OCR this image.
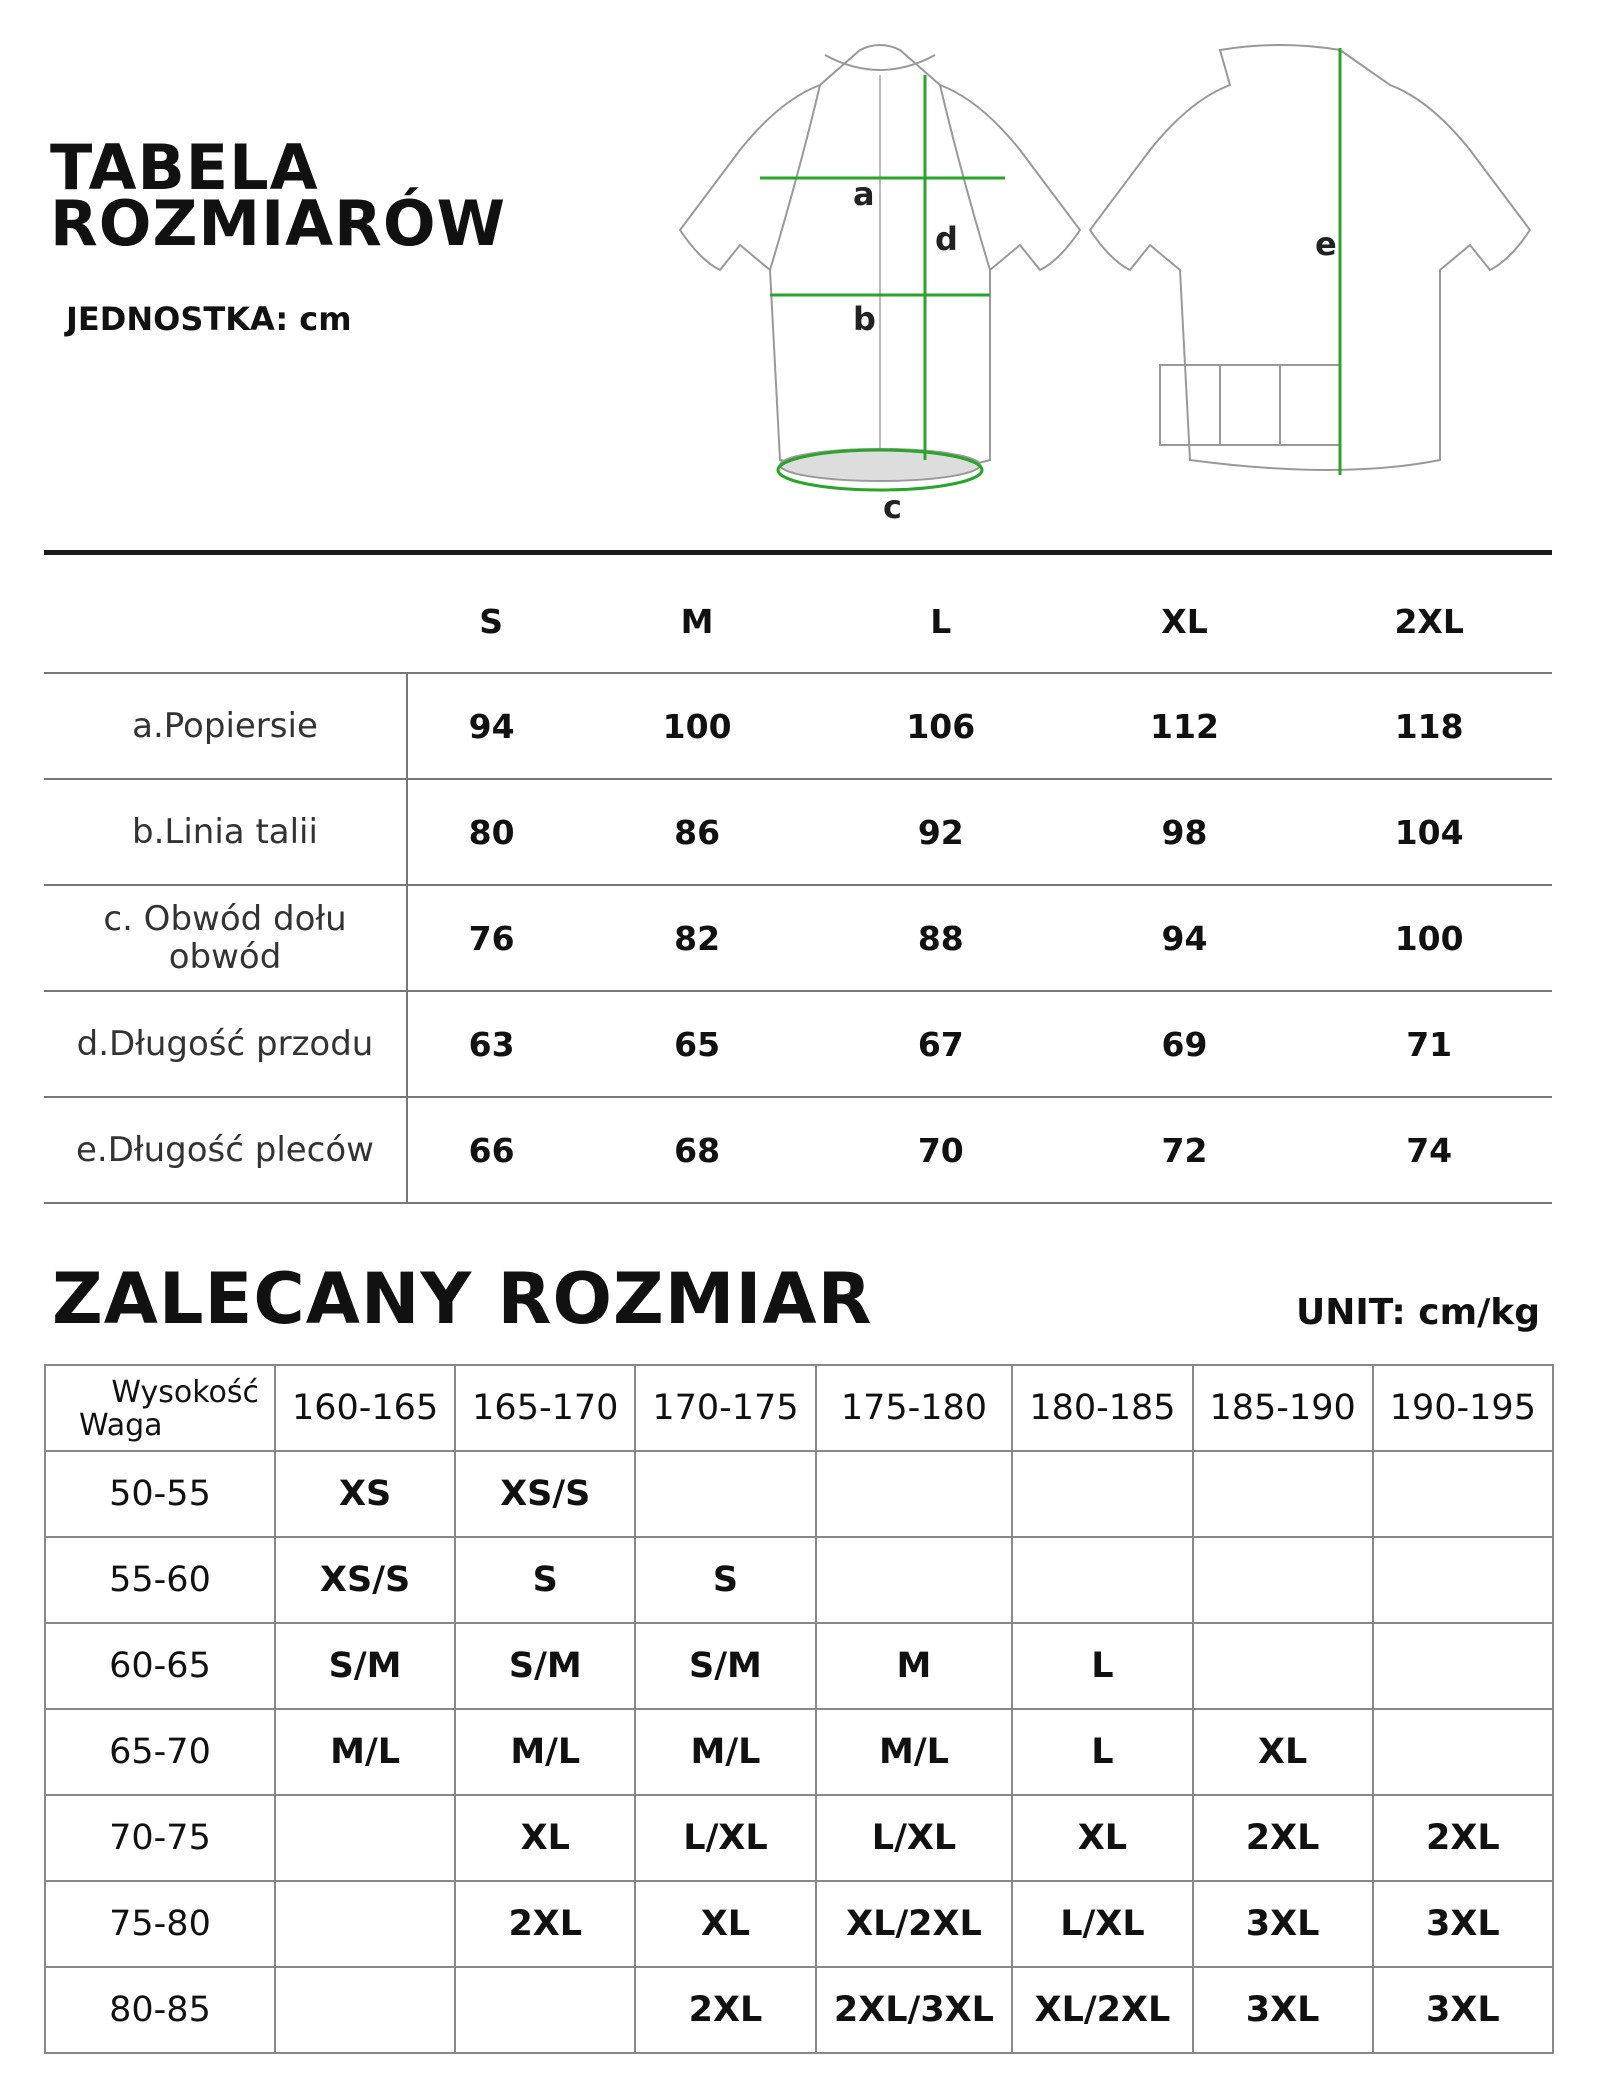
TABELA
ROZMIARÓW
JEDNOSTKA: cm
a
b
c
d	e
	S	M	L	XL	2XL
a.Popiersie	94	100	106	112	118
b.Linia talii	80	86	92	98	104
c. Obwód dołu obwód	76	82	88	94	100
d.Długość przodu	63	65	67	69	71
e.Długość pleców	66	68	70	72	74
ZALECANY ROZMIAR	UNIT: cm/kg
Wysokość
Waga	160-165	165-170	170-175	175-180	180-185	185-190	190-195
50-55	XS	XS/S					
55-60	XS/S	S	S				
60-65	S/M	S/M	S/M	M	L		
65-70	M/L	M/L	M/L	M/L	L	XL	
70-75		XL	L/XL	L/XL	XL	2XL	2XL
75-80		2XL	XL	XL/2XL	L/XL	3XL	3XL
80-85			2XL	2XL/3XL	XL/2XL	3XL	3XL
